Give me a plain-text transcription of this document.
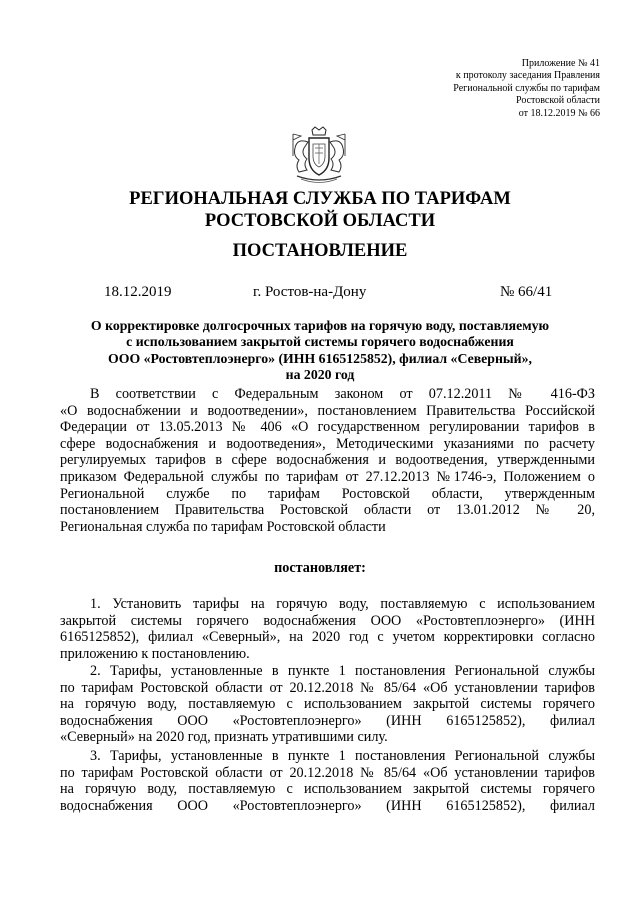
Приложение № 41
к протоколу заседания Правления
Региональной службы по тарифам
Ростовской области
от 18.12.2019 № 66
РЕГИОНАЛЬНАЯ СЛУЖБА ПО ТАРИФАМ
РОСТОВСКОЙ ОБЛАСТИ
ПОСТАНОВЛЕНИЕ
18.12.2019	г. Ростов-на-Дону	№ 66/41
О корректировке долгосрочных тарифов на горячую воду, поставляемую
с использованием закрытой системы горячего водоснабжения
ООО «Ростовтеплоэнерго» (ИНН 6165125852), филиал «Северный»,
на 2020 год
В соответствии с Федеральным законом от 07.12.2011 № 416-ФЗ
«О водоснабжении и водоотведении», постановлением Правительства Российской
Федерации от 13.05.2013 № 406 «О государственном регулировании тарифов в
сфере водоснабжения и водоотведения», Методическими указаниями по расчету
регулируемых тарифов в сфере водоснабжения и водоотведения, утвержденными
приказом Федеральной службы по тарифам от 27.12.2013 №1746-э, Положением о
Региональной службе по тарифам Ростовской области, утвержденным
постановлением Правительства Ростовской области от 13.01.2012 № 20,
Региональная служба по тарифам Ростовской области
постановляет:
1. Установить тарифы на горячую воду, поставляемую с использованием
закрытой системы горячего водоснабжения ООО «Ростовтеплоэнерго» (ИНН
6165125852), филиал «Северный», на 2020 год с учетом корректировки согласно
приложению к постановлению.
2. Тарифы, установленные в пункте 1 постановления Региональной службы
по тарифам Ростовской области от 20.12.2018 № 85/64 «Об установлении тарифов
на горячую воду, поставляемую с использованием закрытой системы горячего
водоснабжения ООО «Ростовтеплоэнерго» (ИНН 6165125852), филиал
«Северный» на 2020 год, признать утратившими силу.
3. Тарифы, установленные в пункте 1 постановления Региональной службы
по тарифам Ростовской области от 20.12.2018 № 85/64 «Об установлении тарифов
на горячую воду, поставляемую с использованием закрытой системы горячего
водоснабжения ООО «Ростовтеплоэнерго» (ИНН 6165125852), филиал
